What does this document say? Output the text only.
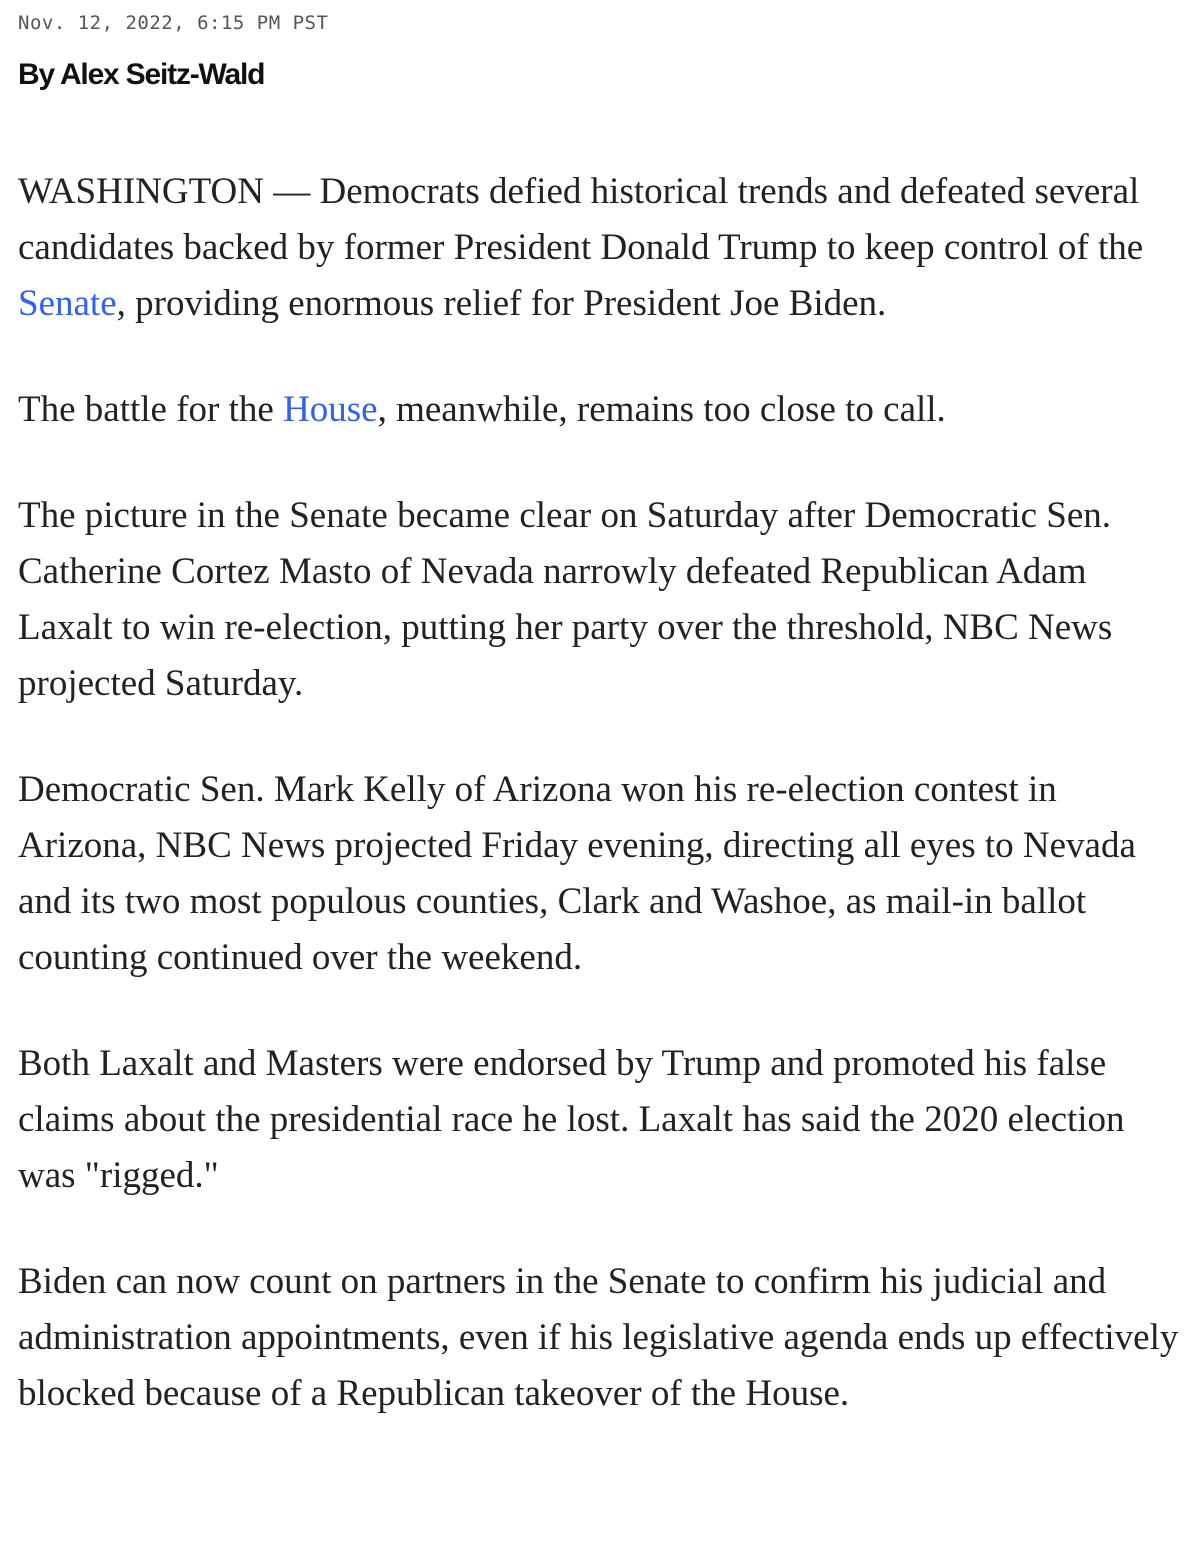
Nov. 12, 2022, 6:15 PM PST
By Alex Seitz-Wald

WASHINGTON — Democrats defied historical trends and defeated several candidates backed by former President Donald Trump to keep control of the Senate, providing enormous relief for President Joe Biden.

The battle for the House, meanwhile, remains too close to call.

The picture in the Senate became clear on Saturday after Democratic Sen. Catherine Cortez Masto of Nevada narrowly defeated Republican Adam Laxalt to win re-election, putting her party over the threshold, NBC News projected Saturday.

Democratic Sen. Mark Kelly of Arizona won his re-election contest in Arizona, NBC News projected Friday evening, directing all eyes to Nevada and its two most populous counties, Clark and Washoe, as mail-in ballot counting continued over the weekend.

Both Laxalt and Masters were endorsed by Trump and promoted his false claims about the presidential race he lost. Laxalt has said the 2020 election was "rigged."

Biden can now count on partners in the Senate to confirm his judicial and administration appointments, even if his legislative agenda ends up effectively blocked because of a Republican takeover of the House.
